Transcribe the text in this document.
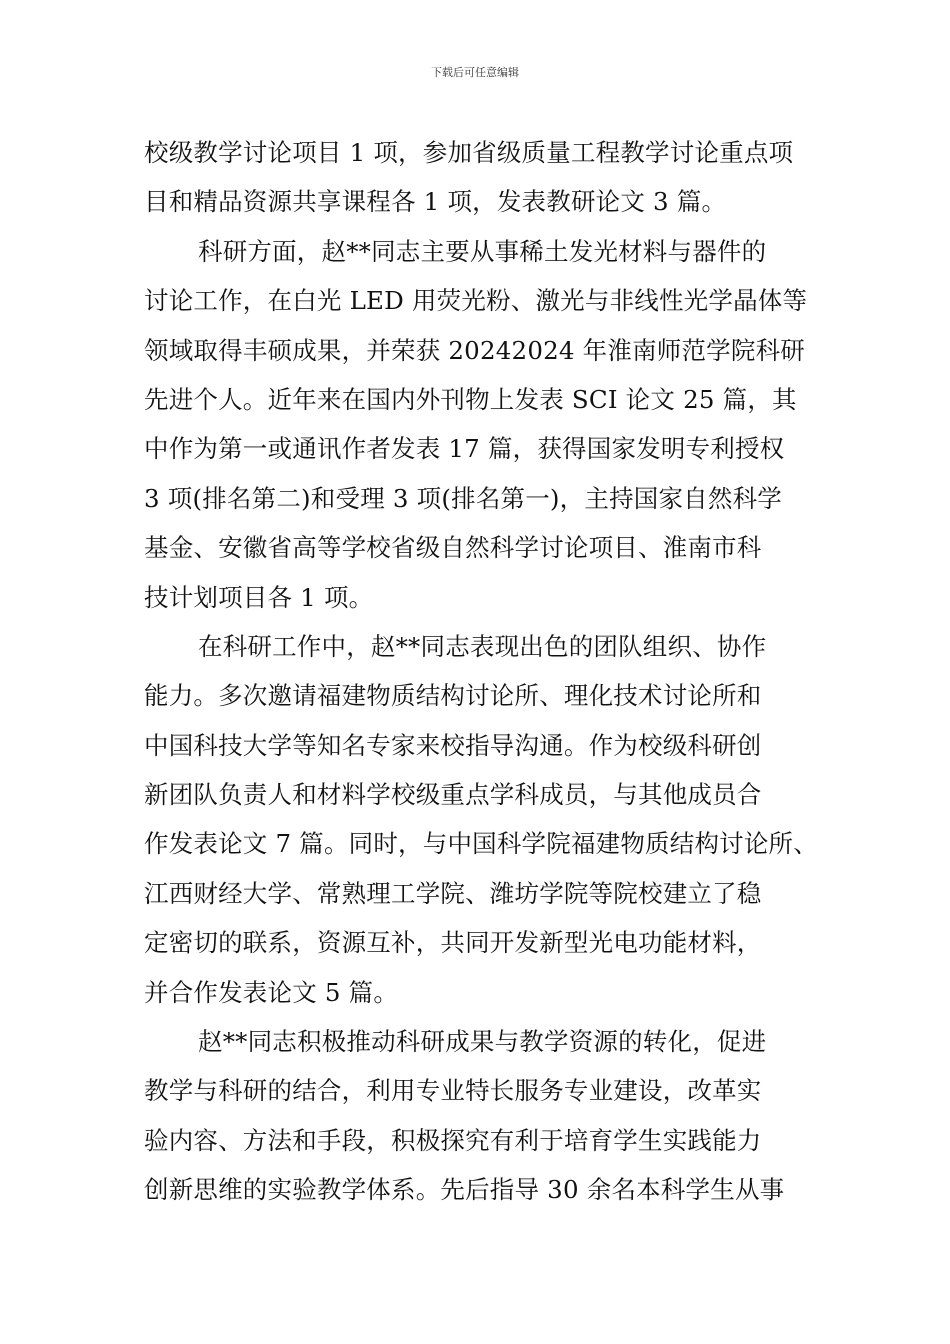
下载后可任意编辑
校级教学讨论项目 1 项，参加省级质量工程教学讨论重点项
目和精品资源共享课程各 1 项，发表教研论文 3 篇。
科研方面，赵**同志主要从事稀土发光材料与器件的
讨论工作，在白光 LED 用荧光粉、激光与非线性光学晶体等
领域取得丰硕成果，并荣获 20242024 年淮南师范学院科研
先进个人。近年来在国内外刊物上发表 SCI 论文 25 篇，其
中作为第一或通讯作者发表 17 篇，获得国家发明专利授权
3 项(排名第二)和受理 3 项(排名第一)，主持国家自然科学
基金、安徽省高等学校省级自然科学讨论项目、淮南市科
技计划项目各 1 项。
在科研工作中，赵**同志表现出色的团队组织、协作
能力。多次邀请福建物质结构讨论所、理化技术讨论所和
中国科技大学等知名专家来校指导沟通。作为校级科研创
新团队负责人和材料学校级重点学科成员，与其他成员合
作发表论文 7 篇。同时，与中国科学院福建物质结构讨论所、
江西财经大学、常熟理工学院、潍坊学院等院校建立了稳
定密切的联系，资源互补，共同开发新型光电功能材料，
并合作发表论文 5 篇。
赵**同志积极推动科研成果与教学资源的转化，促进
教学与科研的结合，利用专业特长服务专业建设，改革实
验内容、方法和手段，积极探究有利于培育学生实践能力
创新思维的实验教学体系。先后指导 30 余名本科学生从事
